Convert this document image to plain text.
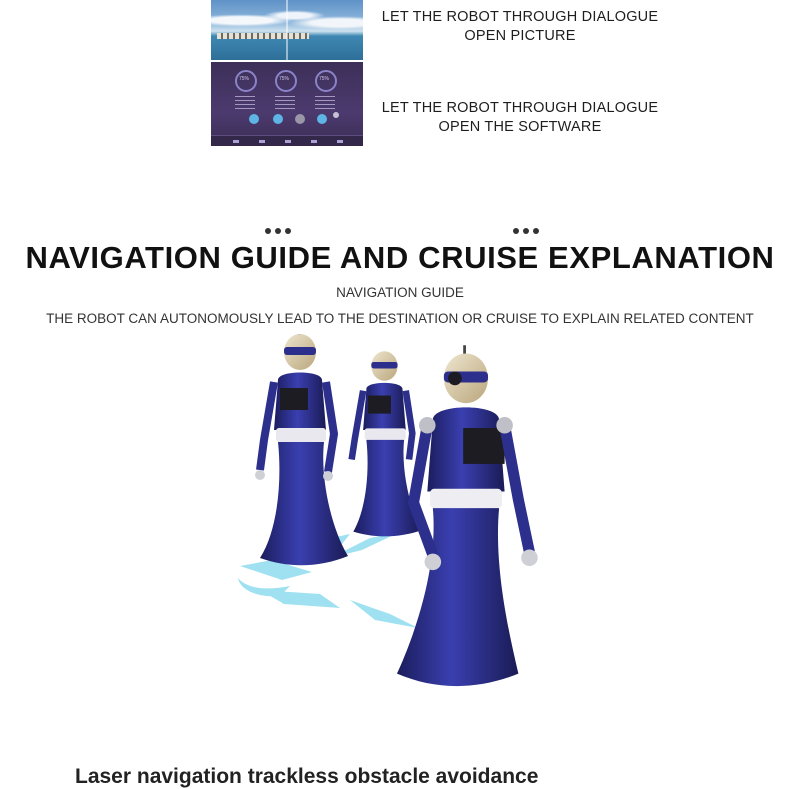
75%	75%	75%
LET THE ROBOT THROUGH DIALOGUE
OPEN PICTURE
LET THE ROBOT THROUGH DIALOGUE
OPEN THE SOFTWARE
NAVIGATION GUIDE AND CRUISE EXPLANATION
NAVIGATION GUIDE
THE ROBOT CAN AUTONOMOUSLY LEAD TO THE DESTINATION OR CRUISE TO EXPLAIN RELATED CONTENT
Laser navigation trackless obstacle avoidance
